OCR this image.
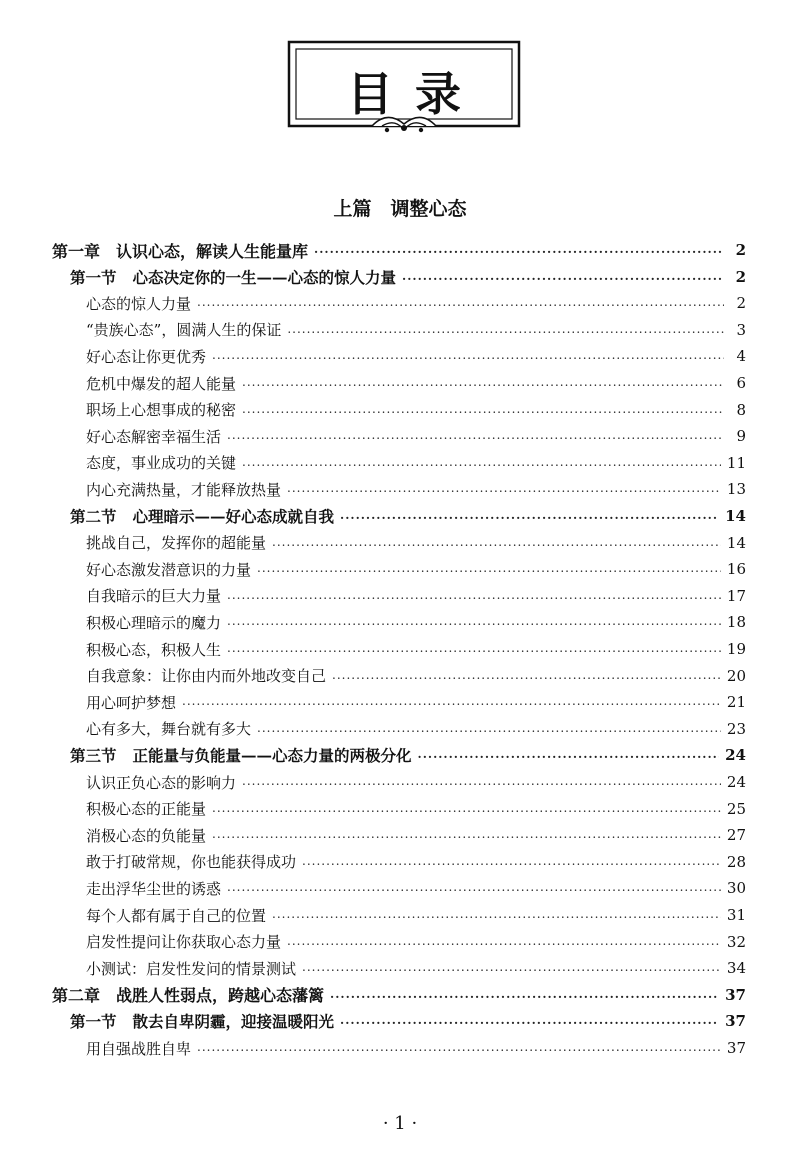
目录
上篇　调整心态
第一章 认识心态，解读人生能量库 .....	2
第一节 心态决定你的一生——心态的惊人力量 .....	2
心态的惊人力量 .....	2
“贵族心态”，圆满人生的保证 .....	3
好心态让你更优秀 .....	4
危机中爆发的超人能量 .....	6
职场上心想事成的秘密 .....	8
好心态解密幸福生活 .....	9
态度，事业成功的关键 .....	11
内心充满热量，才能释放热量 .....	13
第二节 心理暗示——好心态成就自我 .....	14
挑战自己，发挥你的超能量 .....	14
好心态激发潜意识的力量 .....	16
自我暗示的巨大力量 .....	17
积极心理暗示的魔力 .....	18
积极心态，积极人生 .....	19
自我意象：让你由内而外地改变自己 .....	20
用心呵护梦想 .....	21
心有多大，舞台就有多大 .....	23
第三节 正能量与负能量——心态力量的两极分化 .....	24
认识正负心态的影响力 .....	24
积极心态的正能量 .....	25
消极心态的负能量 .....	27
敢于打破常规，你也能获得成功 .....	28
走出浮华尘世的诱惑 .....	30
每个人都有属于自己的位置 .....	31
启发性提问让你获取心态力量 .....	32
小测试：启发性发问的情景测试 .....	34
第二章 战胜人性弱点，跨越心态藩篱 .....	37
第一节 散去自卑阴霾，迎接温暖阳光 .....	37
用自强战胜自卑 .....	37
· 1 ·
